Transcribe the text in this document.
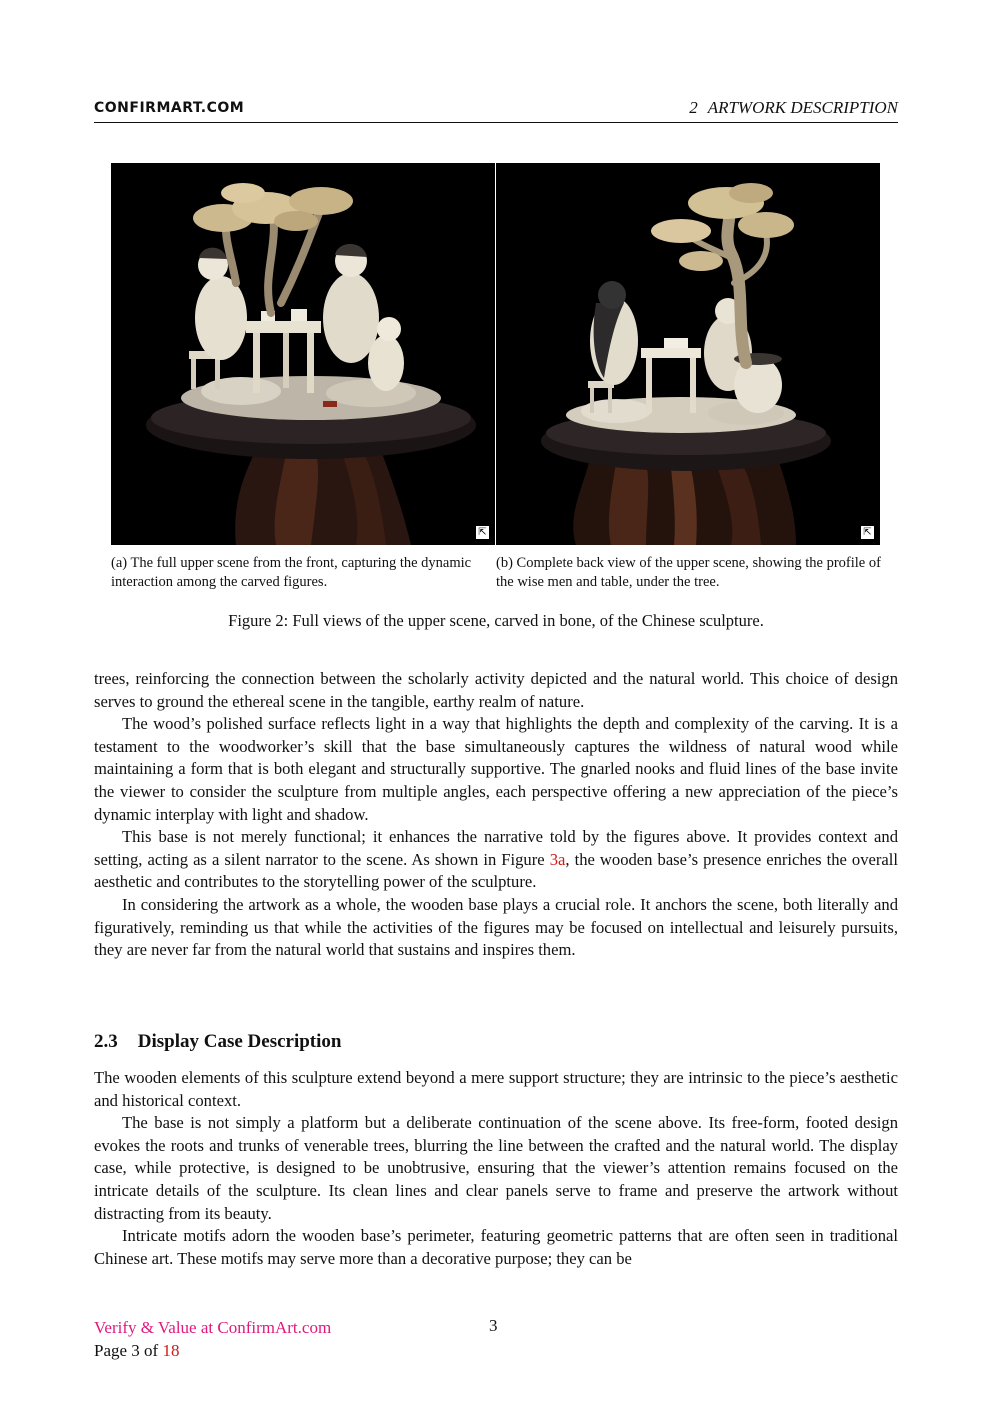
CONFIRMART.COM	2 ARTWORK DESCRIPTION
⇱	⇱
(a) The full upper scene from the front, capturing the dynamic interaction among the carved figures.
(b) Complete back view of the upper scene, showing the profile of the wise men and table, under the tree.
Figure 2: Full views of the upper scene, carved in bone, of the Chinese sculpture.

trees, reinforcing the connection between the scholarly activity depicted and the natural world. This choice of design serves to ground the ethereal scene in the tangible, earthy realm of nature.

The wood’s polished surface reflects light in a way that highlights the depth and complexity of the carving. It is a testament to the woodworker’s skill that the base simultaneously captures the wildness of natural wood while maintaining a form that is both elegant and structurally supportive. The gnarled nooks and fluid lines of the base invite the viewer to consider the sculpture from multiple angles, each perspective offering a new appreciation of the piece’s dynamic interplay with light and shadow.

This base is not merely functional; it enhances the narrative told by the figures above. It provides context and setting, acting as a silent narrator to the scene. As shown in Figure 3a, the wooden base’s presence enriches the overall aesthetic and contributes to the storytelling power of the sculpture.

In considering the artwork as a whole, the wooden base plays a crucial role. It anchors the scene, both literally and figuratively, reminding us that while the activities of the figures may be focused on intellectual and leisurely pursuits, they are never far from the natural world that sustains and inspires them.

2.3 Display Case Description

The wooden elements of this sculpture extend beyond a mere support structure; they are intrinsic to the piece’s aesthetic and historical context.

The base is not simply a platform but a deliberate continuation of the scene above. Its free-form, footed design evokes the roots and trunks of venerable trees, blurring the line between the crafted and the natural world. The display case, while protective, is designed to be unobtrusive, ensuring that the viewer’s attention remains focused on the intricate details of the sculpture. Its clean lines and clear panels serve to frame and preserve the artwork without distracting from its beauty.

Intricate motifs adorn the wooden base’s perimeter, featuring geometric patterns that are often seen in traditional Chinese art. These motifs may serve more than a decorative purpose; they can be

Verify & Value at ConfirmArt.com
Page 3 of 18
3
